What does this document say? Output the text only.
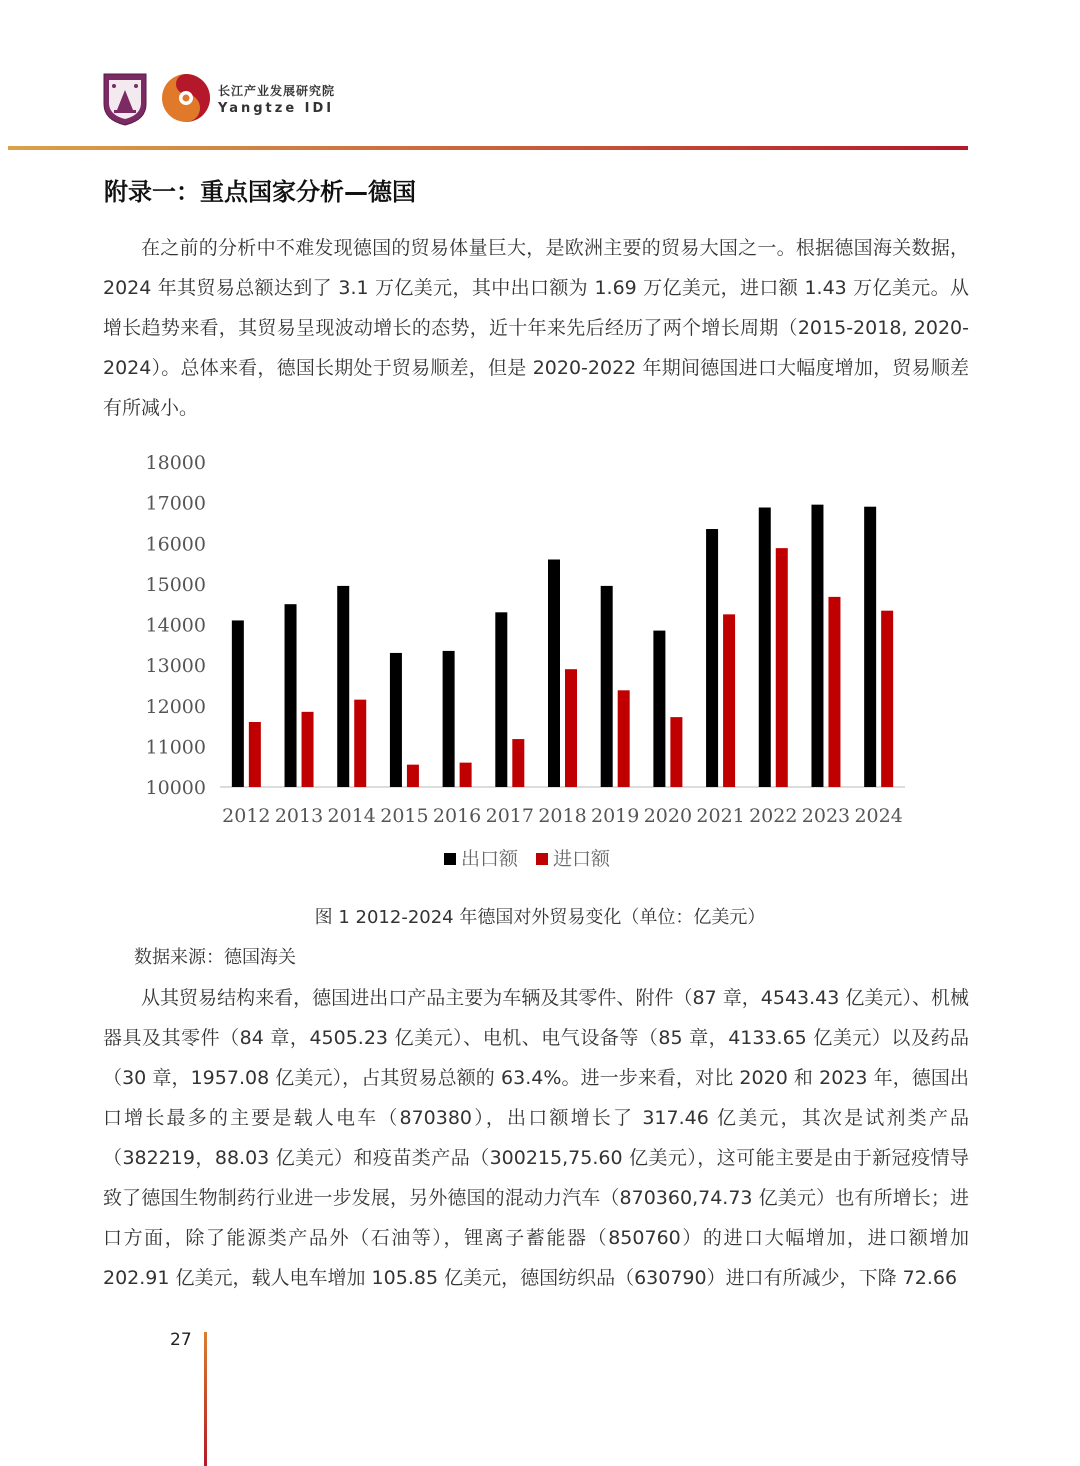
长江产业发展研究院
Yangtze IDI
附录一：重点国家分析—德国

在之前的分析中不难发现德国的贸易体量巨大，是欧洲主要的贸易大国之一。根据德国海关数据，2024 年其贸易总额达到了 3.1 万亿美元，其中出口额为 1.69 万亿美元，进口额 1.43 万亿美元。从增长趋势来看，其贸易呈现波动增长的态势，近十年来先后经历了两个增长周期（2015-2018, 2020-2024）。总体来看，德国长期处于贸易顺差，但是 2020-2022 年期间德国进口大幅度增加，贸易顺差有所减小。

10000
11000
12000
13000
14000
15000
16000
17000
18000
2012 2013 2014 2015 2016 2017 2018 2019 2020 2021 2022 2023 2024
出口额 进口额
图 1 2012-2024 年德国对外贸易变化（单位：亿美元）
数据来源：德国海关

从其贸易结构来看，德国进出口产品主要为车辆及其零件、附件（87 章，4543.43 亿美元）、机械器具及其零件（84 章，4505.23 亿美元）、电机、电气设备等（85 章，4133.65 亿美元）以及药品（30 章，1957.08 亿美元），占其贸易总额的 63.4%。进一步来看，对比 2020 和 2023 年，德国出口增长最多的主要是载人电车（870380），出口额增长了 317.46 亿美元，其次是试剂类产品（382219，88.03 亿美元）和疫苗类产品（300215,75.60 亿美元），这可能主要是由于新冠疫情导致了德国生物制药行业进一步发展，另外德国的混动力汽车（870360,74.73 亿美元）也有所增长；进口方面，除了能源类产品外（石油等），锂离子蓄能器（850760）的进口大幅增加，进口额增加 202.91 亿美元，载人电车增加 105.85 亿美元，德国纺织品（630790）进口有所减少，下降 72.66

27
